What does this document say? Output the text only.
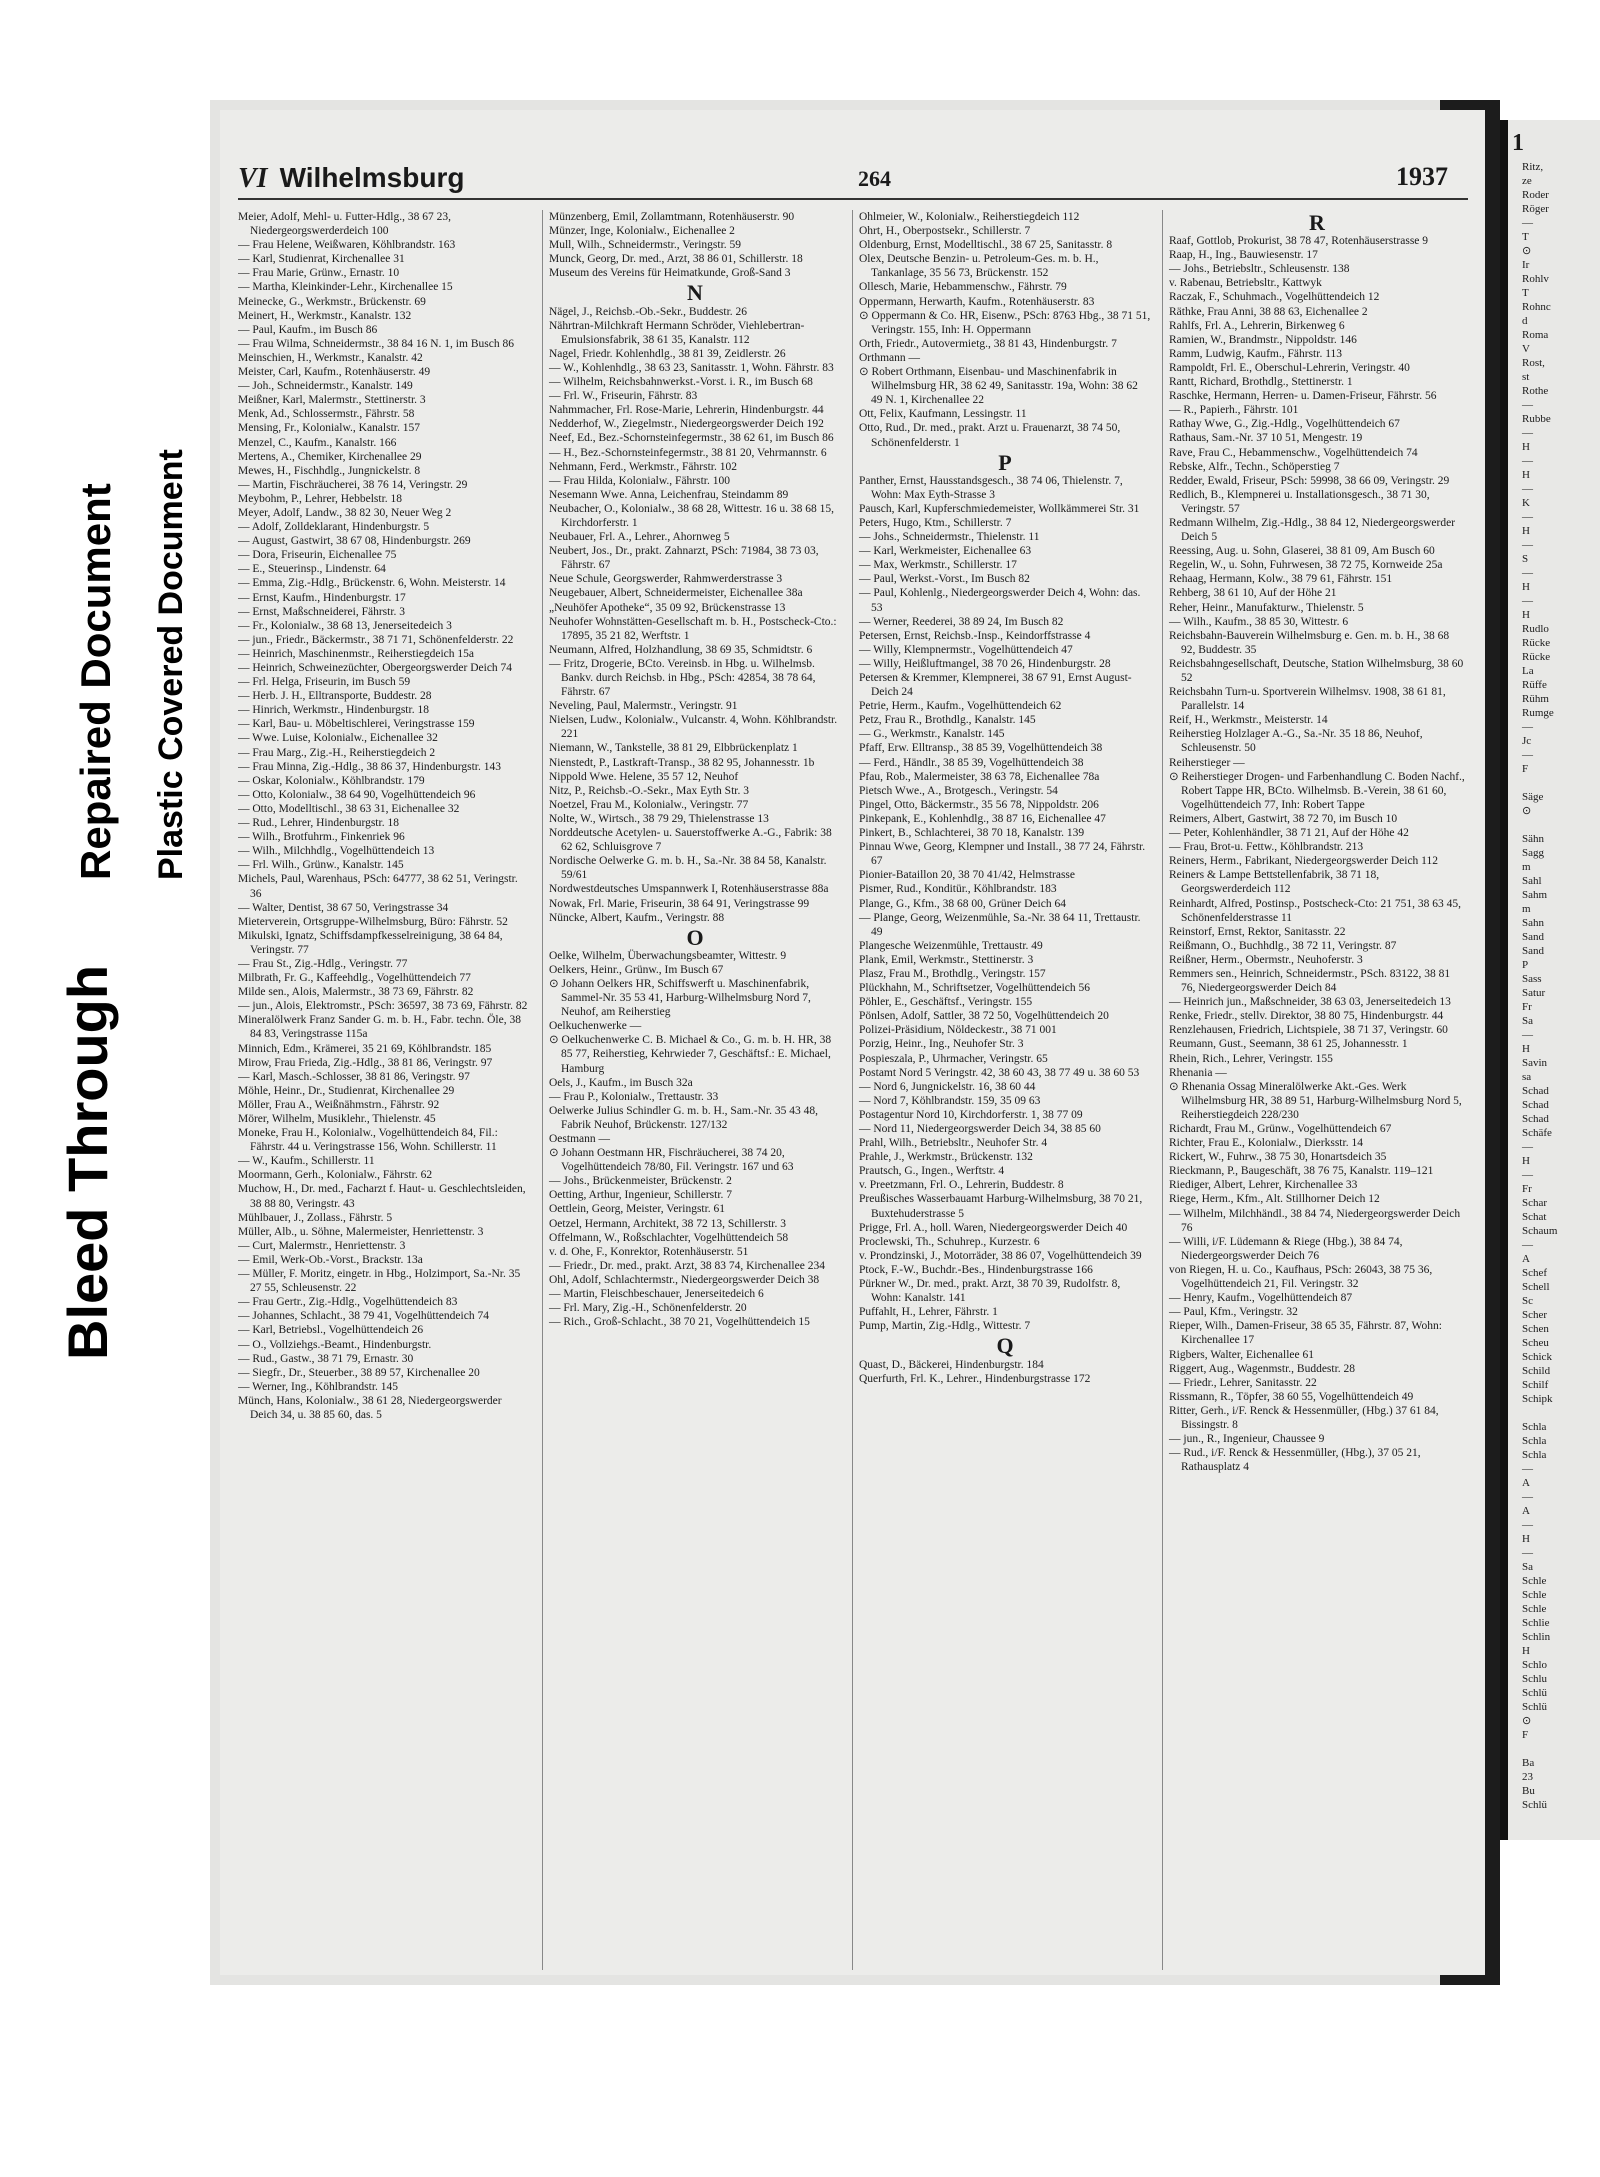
Bleed Through
Repaired Document Plastic Covered Document
VI Wilhelmsburg	264	1937

Meier, Adolf, Mehl- u. Futter-Hdlg., 38 67 23, Niedergeorgswerderdeich 100

— Frau Helene, Weißwaren, Köhlbrandstr. 163

— Karl, Studienrat, Kirchenallee 31

— Frau Marie, Grünw., Ernastr. 10

— Martha, Kleinkinder-Lehr., Kirchenallee 15

Meinecke, G., Werkmstr., Brückenstr. 69

Meinert, H., Werkmstr., Kanalstr. 132

— Paul, Kaufm., im Busch 86

— Frau Wilma, Schneidermstr., 38 84 16 N. 1, im Busch 86

Meinschien, H., Werkmstr., Kanalstr. 42

Meister, Carl, Kaufm., Rotenhäuserstr. 49

— Joh., Schneidermstr., Kanalstr. 149

Meißner, Karl, Malermstr., Stettinerstr. 3

Menk, Ad., Schlossermstr., Fährstr. 58

Mensing, Fr., Kolonialw., Kanalstr. 157

Menzel, C., Kaufm., Kanalstr. 166

Mertens, A., Chemiker, Kirchenallee 29

Mewes, H., Fischhdlg., Jungnickelstr. 8

— Martin, Fischräucherei, 38 76 14, Veringstr. 29

Meybohm, P., Lehrer, Hebbelstr. 18

Meyer, Adolf, Landw., 38 82 30, Neuer Weg 2

— Adolf, Zolldeklarant, Hindenburgstr. 5

— August, Gastwirt, 38 67 08, Hindenburgstr. 269

— Dora, Friseurin, Eichenallee 75

— E., Steuerinsp., Lindenstr. 64

— Emma, Zig.-Hdlg., Brückenstr. 6, Wohn. Meisterstr. 14

— Ernst, Kaufm., Hindenburgstr. 17

— Ernst, Maßschneiderei, Fährstr. 3

— Fr., Kolonialw., 38 68 13, Jenerseitedeich 3

— jun., Friedr., Bäckermstr., 38 71 71, Schönenfelderstr. 22

— Heinrich, Maschinenmstr., Reiherstiegdeich 15a

— Heinrich, Schweinezüchter, Obergeorgswerder Deich 74

— Frl. Helga, Friseurin, im Busch 59

— Herb. J. H., Elltransporte, Buddestr. 28

— Hinrich, Werkmstr., Hindenburgstr. 18

— Karl, Bau- u. Möbeltischlerei, Veringstrasse 159

— Wwe. Luise, Kolonialw., Eichenallee 32

— Frau Marg., Zig.-H., Reiherstiegdeich 2

— Frau Minna, Zig.-Hdlg., 38 86 37, Hindenburgstr. 143

— Oskar, Kolonialw., Köhlbrandstr. 179

— Otto, Kolonialw., 38 64 90, Vogelhüttendeich 96

— Otto, Modelltischl., 38 63 31, Eichenallee 32

— Rud., Lehrer, Hindenburgstr. 18

— Wilh., Brotfuhrm., Finkenriek 96

— Wilh., Milchhdlg., Vogelhüttendeich 13

— Frl. Wilh., Grünw., Kanalstr. 145

Michels, Paul, Warenhaus, PSch: 64777, 38 62 51, Veringstr. 36

— Walter, Dentist, 38 67 50, Veringstrasse 34

Mieterverein, Ortsgruppe-Wilhelmsburg, Büro: Fährstr. 52

Mikulski, Ignatz, Schiffsdampfkesselreinigung, 38 64 84, Veringstr. 77

— Frau St., Zig.-Hdlg., Veringstr. 77

Milbrath, Fr. G., Kaffeehdlg., Vogelhüttendeich 77

Milde sen., Alois, Malermstr., 38 73 69, Fährstr. 82

— jun., Alois, Elektromstr., PSch: 36597, 38 73 69, Fährstr. 82

Mineralölwerk Franz Sander G. m. b. H., Fabr. techn. Öle, 38 84 83, Veringstrasse 115a

Minnich, Edm., Krämerei, 35 21 69, Köhlbrandstr. 185

Mirow, Frau Frieda, Zig.-Hdlg., 38 81 86, Veringstr. 97

— Karl, Masch.-Schlosser, 38 81 86, Veringstr. 97

Möhle, Heinr., Dr., Studienrat, Kirchenallee 29

Möller, Frau A., Weißnähmstrn., Fährstr. 92

Mörer, Wilhelm, Musiklehr., Thielenstr. 45

Moneke, Frau H., Kolonialw., Vogelhüttendeich 84, Fil.: Fährstr. 44 u. Veringstrasse 156, Wohn. Schillerstr. 11

— W., Kaufm., Schillerstr. 11

Moormann, Gerh., Kolonialw., Fährstr. 62

Muchow, H., Dr. med., Facharzt f. Haut- u. Geschlechtsleiden, 38 88 80, Veringstr. 43

Mühlbauer, J., Zollass., Fährstr. 5

Müller, Alb., u. Söhne, Malermeister, Henriettenstr. 3

— Curt, Malermstr., Henriettenstr. 3

— Emil, Werk-Ob.-Vorst., Brackstr. 13a

— Müller, F. Moritz, eingetr. in Hbg., Holzimport, Sa.-Nr. 35 27 55, Schleusenstr. 22

— Frau Gertr., Zig.-Hdlg., Vogelhüttendeich 83

— Johannes, Schlacht., 38 79 41, Vogelhüttendeich 74

— Karl, Betriebsl., Vogelhüttendeich 26

— O., Vollziehgs.-Beamt., Hindenburgstr.

— Rud., Gastw., 38 71 79, Ernastr. 30

— Siegfr., Dr., Steuerber., 38 89 57, Kirchenallee 20

— Werner, Ing., Köhlbrandstr. 145

Münch, Hans, Kolonialw., 38 61 28, Niedergeorgswerder Deich 34, u. 38 85 60, das. 5

Münzenberg, Emil, Zollamtmann, Rotenhäuserstr. 90

Münzer, Inge, Kolonialw., Eichenallee 2

Mull, Wilh., Schneidermstr., Veringstr. 59

Munck, Georg, Dr. med., Arzt, 38 86 01, Schillerstr. 18

Museum des Vereins für Heimatkunde, Groß-Sand 3

N

Nägel, J., Reichsb.-Ob.-Sekr., Buddestr. 26

Nährtran-Milchkraft Hermann Schröder, Viehlebertran-Emulsionsfabrik, 38 61 35, Kanalstr. 112

Nagel, Friedr. Kohlenhdlg., 38 81 39, Zeidlerstr. 26

— W., Kohlenhdlg., 38 63 23, Sanitasstr. 1, Wohn. Fährstr. 83

— Wilhelm, Reichsbahnwerkst.-Vorst. i. R., im Busch 68

— Frl. W., Friseurin, Fährstr. 83

Nahmmacher, Frl. Rose-Marie, Lehrerin, Hindenburgstr. 44

Nedderhof, W., Ziegelmstr., Niedergeorgswerder Deich 192

Neef, Ed., Bez.-Schornsteinfegermstr., 38 62 61, im Busch 86

— H., Bez.-Schornsteinfegermstr., 38 81 20, Vehrmannstr. 6

Nehmann, Ferd., Werkmstr., Fährstr. 102

— Frau Hilda, Kolonialw., Fährstr. 100

Nesemann Wwe. Anna, Leichenfrau, Steindamm 89

Neubacher, O., Kolonialw., 38 68 28, Wittestr. 16 u. 38 68 15, Kirchdorferstr. 1

Neubauer, Frl. A., Lehrer., Ahornweg 5

Neubert, Jos., Dr., prakt. Zahnarzt, PSch: 71984, 38 73 03, Fährstr. 67

Neue Schule, Georgswerder, Rahmwerderstrasse 3

Neugebauer, Albert, Schneidermeister, Eichenallee 38a

„Neuhöfer Apotheke“, 35 09 92, Brückenstrasse 13

Neuhofer Wohnstätten-Gesellschaft m. b. H., Postscheck-Cto.: 17895, 35 21 82, Werftstr. 1

Neumann, Alfred, Holzhandlung, 38 69 35, Schmidtstr. 6

— Fritz, Drogerie, BCto. Vereinsb. in Hbg. u. Wilhelmsb. Bankv. durch Reichsb. in Hbg., PSch: 42854, 38 78 64, Fährstr. 67

Neveling, Paul, Malermstr., Veringstr. 91

Nielsen, Ludw., Kolonialw., Vulcanstr. 4, Wohn. Köhlbrandstr. 221

Niemann, W., Tankstelle, 38 81 29, Elbbrückenplatz 1

Nienstedt, P., Lastkraft-Transp., 38 82 95, Johannesstr. 1b

Nippold Wwe. Helene, 35 57 12, Neuhof

Nitz, P., Reichsb.-O.-Sekr., Max Eyth Str. 3

Noetzel, Frau M., Kolonialw., Veringstr. 77

Nolte, W., Wirtsch., 38 79 29, Thielenstrasse 13

Norddeutsche Acetylen- u. Sauerstoffwerke A.-G., Fabrik: 38 62 62, Schluisgrove 7

Nordische Oelwerke G. m. b. H., Sa.-Nr. 38 84 58, Kanalstr. 59/61

Nordwestdeutsches Umspannwerk I, Rotenhäuserstrasse 88a

Nowak, Frl. Marie, Friseurin, 38 64 91, Veringstrasse 99

Nüncke, Albert, Kaufm., Veringstr. 88

O

Oelke, Wilhelm, Überwachungsbeamter, Wittestr. 9

Oelkers, Heinr., Grünw., Im Busch 67

⊙ Johann Oelkers HR, Schiffswerft u. Maschinenfabrik, Sammel-Nr. 35 53 41, Harburg-Wilhelmsburg Nord 7, Neuhof, am Reiherstieg

Oelkuchenwerke —

⊙ Oelkuchenwerke C. B. Michael & Co., G. m. b. H. HR, 38 85 77, Reiherstieg, Kehrwieder 7, Geschäftsf.: E. Michael, Hamburg

Oels, J., Kaufm., im Busch 32a

— Frau P., Kolonialw., Trettaustr. 33

Oelwerke Julius Schindler G. m. b. H., Sam.-Nr. 35 43 48, Fabrik Neuhof, Brückenstr. 127/132

Oestmann —

⊙ Johann Oestmann HR, Fischräucherei, 38 74 20, Vogelhüttendeich 78/80, Fil. Veringstr. 167 und 63

— Johs., Brückenmeister, Brückenstr. 2

Oetting, Arthur, Ingenieur, Schillerstr. 7

Oettlein, Georg, Meister, Veringstr. 61

Oetzel, Hermann, Architekt, 38 72 13, Schillerstr. 3

Offelmann, W., Roßschlachter, Vogelhüttendeich 58

v. d. Ohe, F., Konrektor, Rotenhäuserstr. 51

— Friedr., Dr. med., prakt. Arzt, 38 83 74, Kirchenallee 234

Ohl, Adolf, Schlachtermstr., Niedergeorgswerder Deich 38

— Martin, Fleischbeschauer, Jenerseitedeich 6

— Frl. Mary, Zig.-H., Schönenfelderstr. 20

— Rich., Groß-Schlacht., 38 70 21, Vogelhüttendeich 15

Ohlmeier, W., Kolonialw., Reiherstiegdeich 112

Ohrt, H., Oberpostsekr., Schillerstr. 7

Oldenburg, Ernst, Modelltischl., 38 67 25, Sanitasstr. 8

Olex, Deutsche Benzin- u. Petroleum-Ges. m. b. H., Tankanlage, 35 56 73, Brückenstr. 152

Ollesch, Marie, Hebammenschw., Fährstr. 79

Oppermann, Herwarth, Kaufm., Rotenhäuserstr. 83

⊙ Oppermann & Co. HR, Eisenw., PSch: 8763 Hbg., 38 71 51, Veringstr. 155, Inh: H. Oppermann

Orth, Friedr., Autovermietg., 38 81 43, Hindenburgstr. 7

Orthmann —

⊙ Robert Orthmann, Eisenbau- und Maschinenfabrik in Wilhelmsburg HR, 38 62 49, Sanitasstr. 19a, Wohn: 38 62 49 N. 1, Kirchenallee 22

Ott, Felix, Kaufmann, Lessingstr. 11

Otto, Rud., Dr. med., prakt. Arzt u. Frauenarzt, 38 74 50, Schönenfelderstr. 1

P

Panther, Ernst, Hausstandsgesch., 38 74 06, Thielenstr. 7, Wohn: Max Eyth-Strasse 3

Pausch, Karl, Kupferschmiedemeister, Wollkämmerei Str. 31

Peters, Hugo, Ktm., Schillerstr. 7

— Johs., Schneidermstr., Thielenstr. 11

— Karl, Werkmeister, Eichenallee 63

— Max, Werkmstr., Schillerstr. 17

— Paul, Werkst.-Vorst., Im Busch 82

— Paul, Kohlenlg., Niedergeorgswerder Deich 4, Wohn: das. 53

— Werner, Reederei, 38 89 24, Im Busch 82

Petersen, Ernst, Reichsb.-Insp., Keindorffstrasse 4

— Willy, Klempnermstr., Vogelhüttendeich 47

— Willy, Heißluftmangel, 38 70 26, Hindenburgstr. 28

Petersen & Kremmer, Klempnerei, 38 67 91, Ernst August-Deich 24

Petrie, Herm., Kaufm., Vogelhüttendeich 62

Petz, Frau R., Brothdlg., Kanalstr. 145

— G., Werkmstr., Kanalstr. 145

Pfaff, Erw. Elltransp., 38 85 39, Vogelhüttendeich 38

— Ferd., Händlr., 38 85 39, Vogelhüttendeich 38

Pfau, Rob., Malermeister, 38 63 78, Eichenallee 78a

Pietsch Wwe., A., Brotgesch., Veringstr. 54

Pingel, Otto, Bäckermstr., 35 56 78, Nippoldstr. 206

Pinkepank, E., Kohlenhdlg., 38 87 16, Eichenallee 47

Pinkert, B., Schlachterei, 38 70 18, Kanalstr. 139

Pinnau Wwe, Georg, Klempner und Install., 38 77 24, Fährstr. 67

Pionier-Bataillon 20, 38 70 41/42, Helmstrasse

Pismer, Rud., Konditür., Köhlbrandstr. 183

Plange, G., Kfm., 38 68 00, Grüner Deich 64

— Plange, Georg, Weizenmühle, Sa.-Nr. 38 64 11, Trettaustr. 49

Plangesche Weizenmühle, Trettaustr. 49

Plank, Emil, Werkmstr., Stettinerstr. 3

Plasz, Frau M., Brothdlg., Veringstr. 157

Plückhahn, M., Schriftsetzer, Vogelhüttendeich 56

Pöhler, E., Geschäftsf., Veringstr. 155

Pönlsen, Adolf, Sattler, 38 72 50, Vogelhüttendeich 20

Polizei-Präsidium, Nöldeckestr., 38 71 001

Porzig, Heinr., Ing., Neuhofer Str. 3

Pospieszala, P., Uhrmacher, Veringstr. 65

Postamt Nord 5 Veringstr. 42, 38 60 43, 38 77 49 u. 38 60 53

— Nord 6, Jungnickelstr. 16, 38 60 44

— Nord 7, Köhlbrandstr. 159, 35 09 63

Postagentur Nord 10, Kirchdorferstr. 1, 38 77 09

— Nord 11, Niedergeorgswerder Deich 34, 38 85 60

Prahl, Wilh., Betriebsltr., Neuhofer Str. 4

Prahle, J., Werkmstr., Brückenstr. 132

Prautsch, G., Ingen., Werftstr. 4

v. Preetzmann, Frl. O., Lehrerin, Buddestr. 8

Preußisches Wasserbauamt Harburg-Wilhelmsburg, 38 70 21, Buxtehuderstrasse 5

Prigge, Frl. A., holl. Waren, Niedergeorgswerder Deich 40

Proclewski, Th., Schuhrep., Kurzestr. 6

v. Prondzinski, J., Motorräder, 38 86 07, Vogelhüttendeich 39

Ptock, F.-W., Buchdr.-Bes., Hindenburgstrasse 166

Pürkner W., Dr. med., prakt. Arzt, 38 70 39, Rudolfstr. 8, Wohn: Kanalstr. 141

Puffahlt, H., Lehrer, Fährstr. 1

Pump, Martin, Zig.-Hdlg., Wittestr. 7

Q

Quast, D., Bäckerei, Hindenburgstr. 184

Querfurth, Frl. K., Lehrer., Hindenburgstrasse 172

R

Raaf, Gottlob, Prokurist, 38 78 47, Rotenhäuserstrasse 9

Raap, H., Ing., Bauwiesenstr. 17

— Johs., Betriebsltr., Schleusenstr. 138

v. Rabenau, Betriebsltr., Kattwyk

Raczak, F., Schuhmach., Vogelhüttendeich 12

Räthke, Frau Anni, 38 88 63, Eichenallee 2

Rahlfs, Frl. A., Lehrerin, Birkenweg 6

Ramien, W., Brandmstr., Nippoldstr. 146

Ramm, Ludwig, Kaufm., Fährstr. 113

Rampoldt, Frl. E., Oberschul-Lehrerin, Veringstr. 40

Rantt, Richard, Brothdlg., Stettinerstr. 1

Raschke, Hermann, Herren- u. Damen-Friseur, Fährstr. 56

— R., Papierh., Fährstr. 101

Rathay Wwe, G., Zig.-Hdlg., Vogelhüttendeich 67

Rathaus, Sam.-Nr. 37 10 51, Mengestr. 19

Rave, Frau C., Hebammenschw., Vogelhüttendeich 74

Rebske, Alfr., Techn., Schöperstieg 7

Redder, Ewald, Friseur, PSch: 59998, 38 66 09, Veringstr. 29

Redlich, B., Klempnerei u. Installationsgesch., 38 71 30, Veringstr. 57

Redmann Wilhelm, Zig.-Hdlg., 38 84 12, Niedergeorgswerder Deich 5

Reessing, Aug. u. Sohn, Glaserei, 38 81 09, Am Busch 60

Regelin, W., u. Sohn, Fuhrwesen, 38 72 75, Kornweide 25a

Rehaag, Hermann, Kolw., 38 79 61, Fährstr. 151

Rehberg, 38 61 10, Auf der Höhe 21

Reher, Heinr., Manufakturw., Thielenstr. 5

— Wilh., Kaufm., 38 85 30, Wittestr. 6

Reichsbahn-Bauverein Wilhelmsburg e. Gen. m. b. H., 38 68 92, Buddestr. 35

Reichsbahngesellschaft, Deutsche, Station Wilhelmsburg, 38 60 52

Reichsbahn Turn-u. Sportverein Wilhelmsv. 1908, 38 61 81, Parallelstr. 14

Reif, H., Werkmstr., Meisterstr. 14

Reiherstieg Holzlager A.-G., Sa.-Nr. 35 18 86, Neuhof, Schleusenstr. 50

Reiherstieger —

⊙ Reiherstieger Drogen- und Farbenhandlung C. Boden Nachf., Robert Tappe HR, BCto. Wilhelmsb. B.-Verein, 38 61 60, Vogelhüttendeich 77, Inh: Robert Tappe

Reimers, Albert, Gastwirt, 38 72 70, im Busch 10

— Peter, Kohlenhändler, 38 71 21, Auf der Höhe 42

— Frau, Brot-u. Fettw., Köhlbrandstr. 213

Reiners, Herm., Fabrikant, Niedergeorgswerder Deich 112

Reiners & Lampe Bettstellenfabrik, 38 71 18, Georgswerderdeich 112

Reinhardt, Alfred, Postinsp., Postscheck-Cto: 21 751, 38 63 45, Schönenfelderstrasse 11

Reinstorf, Ernst, Rektor, Sanitasstr. 22

Reißmann, O., Buchhdlg., 38 72 11, Veringstr. 87

Reißner, Herm., Obermstr., Neuhoferstr. 3

Remmers sen., Heinrich, Schneidermstr., PSch. 83122, 38 81 76, Niedergeorgswerder Deich 84

— Heinrich jun., Maßschneider, 38 63 03, Jenerseitedeich 13

Renke, Friedr., stellv. Direktor, 38 80 75, Hindenburgstr. 44

Renzlehausen, Friedrich, Lichtspiele, 38 71 37, Veringstr. 60

Reumann, Gust., Seemann, 38 61 25, Johannesstr. 1

Rhein, Rich., Lehrer, Veringstr. 155

Rhenania —

⊙ Rhenania Ossag Mineralölwerke Akt.-Ges. Werk Wilhelmsburg HR, 38 89 51, Harburg-Wilhelmsburg Nord 5, Reiherstiegdeich 228/230

Richardt, Frau M., Grünw., Vogelhüttendeich 67

Richter, Frau E., Kolonialw., Dierksstr. 14

Rickert, W., Fuhrw., 38 75 30, Honartsdeich 35

Rieckmann, P., Baugeschäft, 38 76 75, Kanalstr. 119–121

Riediger, Albert, Lehrer, Kirchenallee 33

Riege, Herm., Kfm., Alt. Stillhorner Deich 12

— Wilhelm, Milchhändl., 38 84 74, Niedergeorgswerder Deich 76

— Willi, i/F. Lüdemann & Riege (Hbg.), 38 84 74, Niedergeorgswerder Deich 76

von Riegen, H. u. Co., Kaufhaus, PSch: 26043, 38 75 36, Vogelhüttendeich 21, Fil. Veringstr. 32

— Henry, Kaufm., Vogelhüttendeich 87

— Paul, Kfm., Veringstr. 32

Rieper, Wilh., Damen-Friseur, 38 65 35, Fährstr. 87, Wohn: Kirchenallee 17

Rigbers, Walter, Eichenallee 61

Riggert, Aug., Wagenmstr., Buddestr. 28

— Friedr., Lehrer, Sanitasstr. 22

Rissmann, R., Töpfer, 38 60 55, Vogelhüttendeich 49

Ritter, Gerh., i/F. Renck & Hessenmüller, (Hbg.) 37 61 84, Bissingstr. 8

— jun., R., Ingenieur, Chaussee 9

— Rud., i/F. Renck & Hessenmüller, (Hbg.), 37 05 21, Rathausplatz 4

1
Ritz,
ze
Roder
Röger
—
T
⊙
Ir
Rohlv
T
Rohnc
d
Roma
V
Rost,
st
Rothe
—
Rubbe
—
H
—
H
—
K
—
H
—
S
—
H
—
H
Rudlo
Rücke
Rücke
La
Rüffe
Rühm
Rumge
—
Jc
—
F

Säge
⊙

Sähn
Sagg
m
Sahl
Sahm
m
Sahn
Sand
Sand
P
Sass
Satur
Fr
Sa
—
H
Savin
sa
Schad
Schad
Schad
Schäfe
—
H
—
Fr
Schar
Schat
Schaum
—
A
Schef
Schell
Sc
Scher
Schen
Scheu
Schick
Schild
Schilf
Schipk

Schla
Schla
Schla
—
A
—
A
—
H
—
Sa
Schle
Schle
Schle
Schlie
Schlin
H
Schlo
Schlu
Schlü
Schlü
⊙
F

Ba
23
Bu
Schlü
